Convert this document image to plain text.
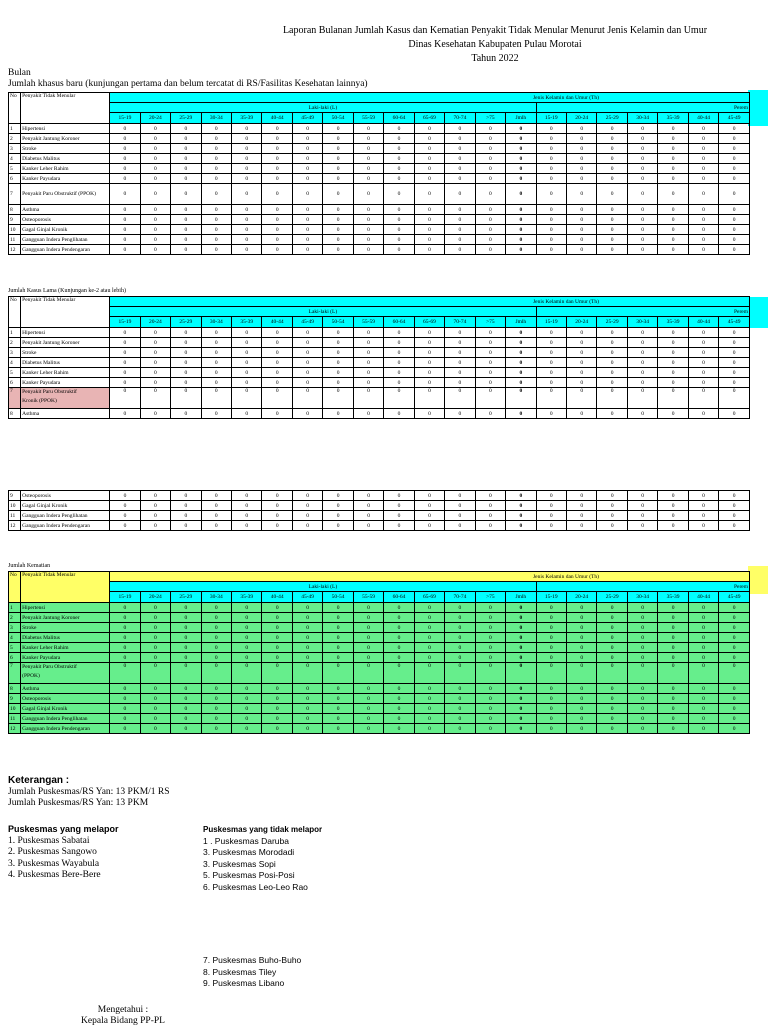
Laporan Bulanan Jumlah Kasus dan Kematian Penyakit Tidak Menular Menurut Jenis Kelamin dan Umur
Dinas Kesehatan Kabupaten Pulau Morotai
Tahun 2022
Bulan
Jumlah khasus baru (kunjungan pertama dan belum tercatat di RS/Fasilitas Kesehatan lainnya)
No	Penyakit Tidak Menular	Jenis Kelamin dan Umur (Th)																				
		Laki-laki (L)														Perem						
		15-19	20-24	25-29	30-34	35-39	40-44	45-49	50-54	55-59	60-64	65-69	70-74	>75	Jmlh	15-19	20-24	25-29	30-34	35-39	40-44	45-49
1	Hipertensi	0	0	0	0	0	0	0	0	0	0	0	0	0	0	0	0	0	0	0	0	0
2	Penyakit Jantung Koroner	0	0	0	0	0	0	0	0	0	0	0	0	0	0	0	0	0	0	0	0	0
3	Stroke	0	0	0	0	0	0	0	0	0	0	0	0	0	0	0	0	0	0	0	0	0
4	Diabetus Malitus	0	0	0	0	0	0	0	0	0	0	0	0	0	0	0	0	0	0	0	0	0
5	Kanker Leher Rahim	0	0	0	0	0	0	0	0	0	0	0	0	0	0	0	0	0	0	0	0	0
6	Kanker Payudara	0	0	0	0	0	0	0	0	0	0	0	0	0	0	0	0	0	0	0	0	0
7	Penyakit Paru Obstruktif (PPOK)	0	0	0	0	0	0	0	0	0	0	0	0	0	0	0	0	0	0	0	0	0
8	Asthma	0	0	0	0	0	0	0	0	0	0	0	0	0	0	0	0	0	0	0	0	0
9	Osteoporosis	0	0	0	0	0	0	0	0	0	0	0	0	0	0	0	0	0	0	0	0	0
10	Gagal Ginjal Kronik	0	0	0	0	0	0	0	0	0	0	0	0	0	0	0	0	0	0	0	0	0
11	Gangguan Indera Penglihatan	0	0	0	0	0	0	0	0	0	0	0	0	0	0	0	0	0	0	0	0	0
12	Gangguan Indera Pendengaran	0	0	0	0	0	0	0	0	0	0	0	0	0	0	0	0	0	0	0	0	0
Jumlah Kasus Lama (Kunjungan ke-2 atau lebih)
No	Penyakit Tidak Menular	Jenis Kelamin dan Umur (Th)																				
		Laki-laki (L)														Perem						
		15-19	20-24	25-29	30-34	35-39	40-44	45-49	50-54	55-59	60-64	65-69	70-74	>75	Jmlh	15-19	20-24	25-29	30-34	35-39	40-44	45-49
1	Hipertensi	0	0	0	0	0	0	0	0	0	0	0	0	0	0	0	0	0	0	0	0	0
2	Penyakit Jantung Koroner	0	0	0	0	0	0	0	0	0	0	0	0	0	0	0	0	0	0	0	0	0
3	Stroke	0	0	0	0	0	0	0	0	0	0	0	0	0	0	0	0	0	0	0	0	0
4	Diabetus Malitus	0	0	0	0	0	0	0	0	0	0	0	0	0	0	0	0	0	0	0	0	0
5	Kanker Leher Rahim	0	0	0	0	0	0	0	0	0	0	0	0	0	0	0	0	0	0	0	0	0
6	Kanker Payudara	0	0	0	0	0	0	0	0	0	0	0	0	0	0	0	0	0	0	0	0	0
7	Penyakit Paru Obstruktif
Kronik (PPOK)	0	0	0	0	0	0	0	0	0	0	0	0	0	0	0	0	0	0	0	0	0
8	Asthma	0	0	0	0	0	0	0	0	0	0	0	0	0	0	0	0	0	0	0	0	0
9	Osteoporosis	0	0	0	0	0	0	0	0	0	0	0	0	0	0	0	0	0	0	0	0	0
10	Gagal Ginjal Kronik	0	0	0	0	0	0	0	0	0	0	0	0	0	0	0	0	0	0	0	0	0
11	Gangguan Indera Penglihatan	0	0	0	0	0	0	0	0	0	0	0	0	0	0	0	0	0	0	0	0	0
12	Gangguan Indera Pendengaran	0	0	0	0	0	0	0	0	0	0	0	0	0	0	0	0	0	0	0	0	0
Jumlah Kematian
No	Penyakit Tidak Menular	Jenis Kelamin dan Umur (Th)																				
		Laki-laki (L)														Perem						
		15-19	20-24	25-29	30-34	35-39	40-44	45-49	50-54	55-59	60-64	65-69	70-74	>75	Jmlh	15-19	20-24	25-29	30-34	35-39	40-44	45-49
1	Hipertensi	0	0	0	0	0	0	0	0	0	0	0	0	0	0	0	0	0	0	0	0	0
2	Penyakit Jantung Koroner	0	0	0	0	0	0	0	0	0	0	0	0	0	0	0	0	0	0	0	0	0
3	Stroke	0	0	0	0	0	0	0	0	0	0	0	0	0	0	0	0	0	0	0	0	0
4	Diabetus Malitus	0	0	0	0	0	0	0	0	0	0	0	0	0	0	0	0	0	0	0	0	0
5	Kanker Leher Rahim	0	0	0	0	0	0	0	0	0	0	0	0	0	0	0	0	0	0	0	0	0
6	Kanker Payudara	0	0	0	0	0	0	0	0	0	0	0	0	0	0	0	0	0	0	0	0	0
7	Penyakit Paru Obstruktif
(PPOK)	0	0	0	0	0	0	0	0	0	0	0	0	0	0	0	0	0	0	0	0	0
8	Asthma	0	0	0	0	0	0	0	0	0	0	0	0	0	0	0	0	0	0	0	0	0
9	Osteoporosis	0	0	0	0	0	0	0	0	0	0	0	0	0	0	0	0	0	0	0	0	0
10	Gagal Ginjal Kronik	0	0	0	0	0	0	0	0	0	0	0	0	0	0	0	0	0	0	0	0	0
11	Gangguan Indera Penglihatan	0	0	0	0	0	0	0	0	0	0	0	0	0	0	0	0	0	0	0	0	0
12	Gangguan Indera Pendengaran	0	0	0	0	0	0	0	0	0	0	0	0	0	0	0	0	0	0	0	0	0
Keterangan :
Jumlah Puskesmas/RS Yan: 13 PKM/1 RS
Jumlah Puskesmas/RS Yan: 13 PKM
Puskesmas yang melapor
1. Puskesmas Sabatai
2. Puskesmas Sangowo
3. Puskesmas Wayabula
4. Puskesmas Bere-Bere
Puskesmas yang tidak melapor
1 . Puskesmas Daruba
3. Puskesmas Morodadi
3. Puskesmas Sopi
5. Puskesmas Posi-Posi
6. Puskesmas Leo-Leo Rao
7. Puskesmas Buho-Buho
8. Puskesmas Tiley
9. Puskesmas Libano
Mengetahui :
Kepala Bidang PP-PL
